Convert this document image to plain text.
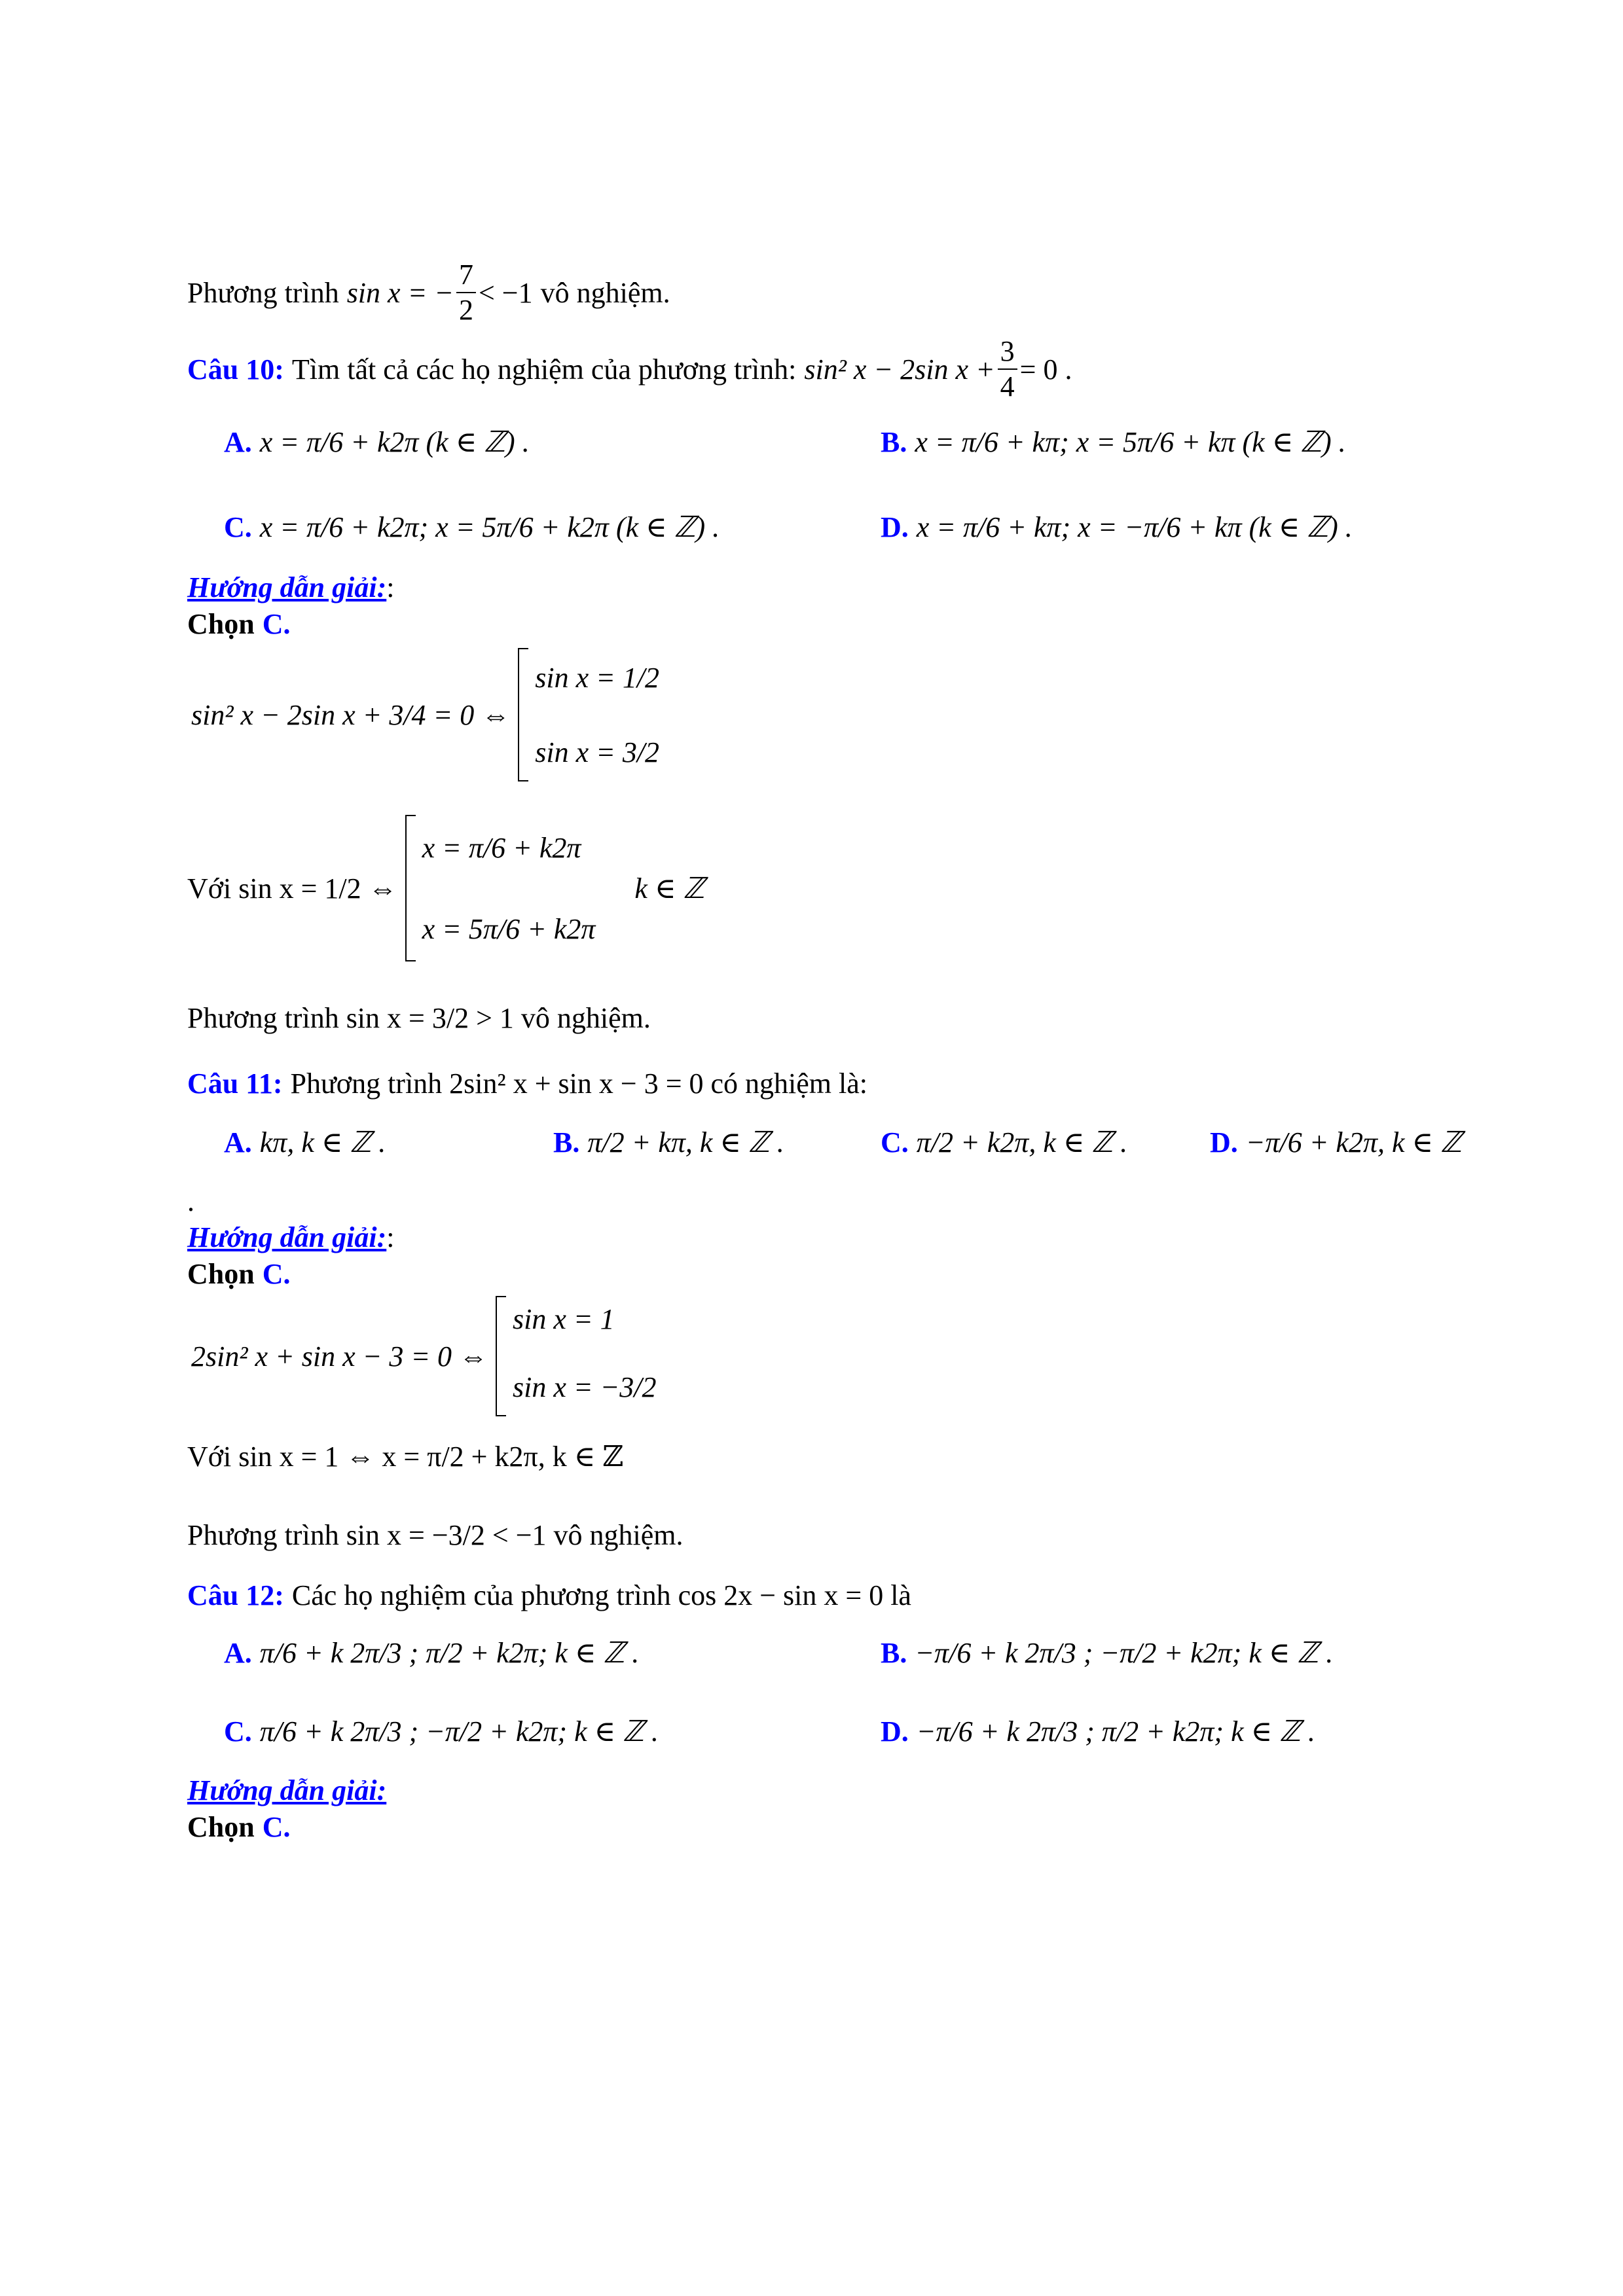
Phương trình sin x = − $\frac{7}{2} < -1$ vô nghiệm.
Câu 10: Tìm tất cả các họ nghiệm của phương trình: sin² x − 2sin $x + \frac{3}{4} = 0$ .
A. x = π/6 + k2π (k ∈ ℤ) .	B. x = π/6 + kπ; x = 5π/6 + kπ (k ∈ ℤ) .
C. x = π/6 + k2π; x = 5π/6 + k2π (k ∈ ℤ) .	D. x = π/6 + kπ; x = −π/6 + kπ (k ∈ ℤ) .
Hướng dẫn giải: :
Chọn C.
sin² x − 2sin x + 3/4 = 0 ⇔
sin x = 1/2
sin x = 3/2
Với sin x = 1/2 ⇔
x = π/6 + k2π
x = 5π/6 + k2π
k ∈ ℤ
Phương trình sin x = 3/2 > 1 vô nghiệm.
Câu 11: Phương trình 2sin² x + sin x − 3 = 0 có nghiệm là:
A. kπ, k ∈ ℤ .	B. π/2 + kπ, k ∈ ℤ .	C. π/2 + k2π, k ∈ ℤ .	D. −π/6 + k2π, k ∈ ℤ
.
Hướng dẫn giải: :
Chọn C.
2sin² x + sin x − 3 = 0 ⇔
sin x = 1
sin x = −3/2
Với sin x = 1 ⇔ x = π/2 + k2π, k ∈ ℤ
Phương trình sin x = −3/2 < −1 vô nghiệm.
Câu 12: Các họ nghiệm của phương trình cos 2x − sin x = 0 là
A. π/6 + k 2π/3 ; π/2 + k2π; k ∈ ℤ .	B. −π/6 + k 2π/3 ; −π/2 + k2π; k ∈ ℤ .
C. π/6 + k 2π/3 ; −π/2 + k2π; k ∈ ℤ .	D. −π/6 + k 2π/3 ; π/2 + k2π; k ∈ ℤ .
Hướng dẫn giải:
Chọn C.
